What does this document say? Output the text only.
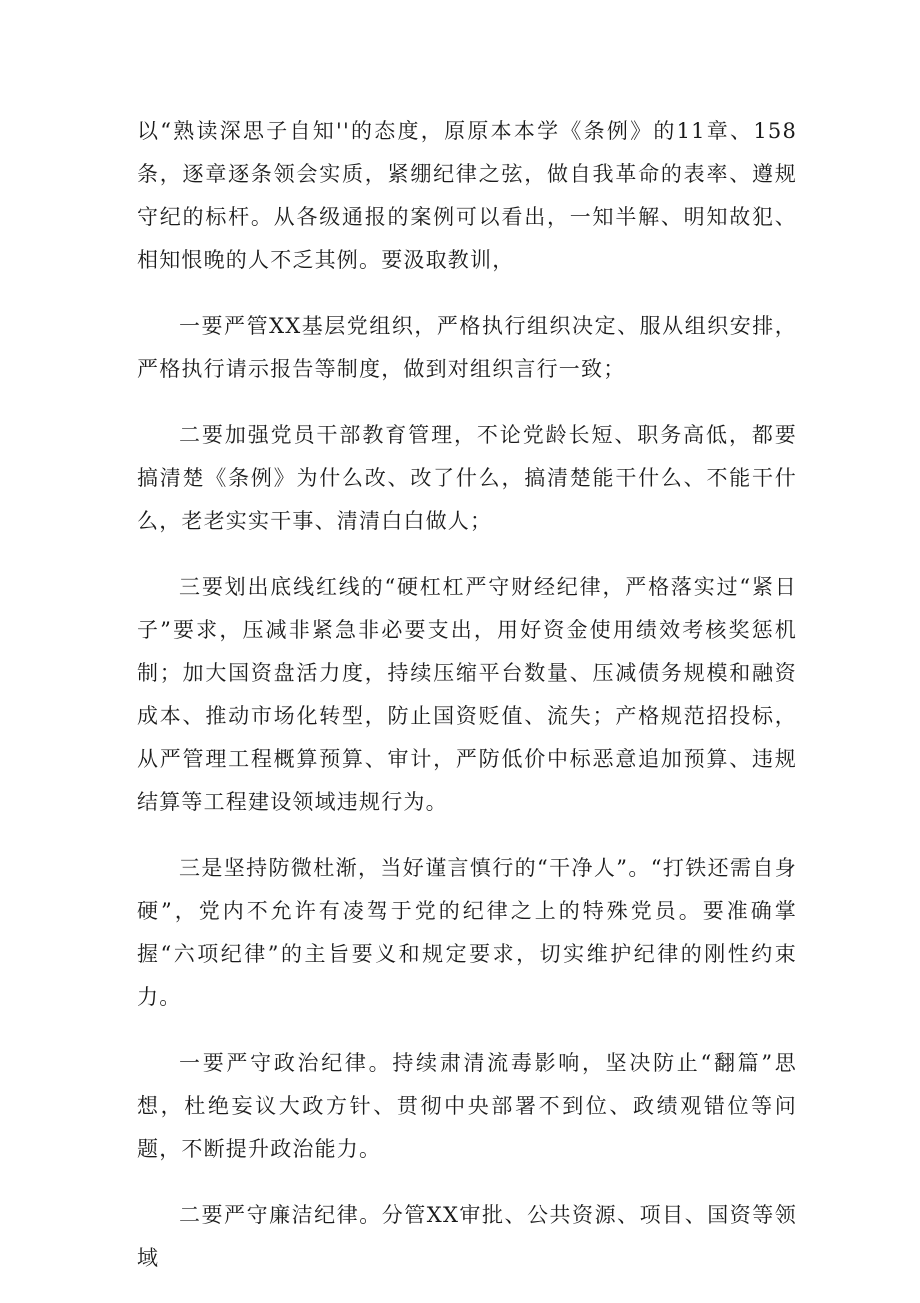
以“熟读深思子自知''的态度，原原本本学《条例》的11章、158条，逐章逐条领会实质，紧绷纪律之弦，做自我革命的表率、遵规守纪的标杆。从各级通报的案例可以看出，一知半解、明知故犯、相知恨晚的人不乏其例。要汲取教训，

一要严管XX基层党组织，严格执行组织决定、服从组织安排，严格执行请示报告等制度，做到对组织言行一致；

二要加强党员干部教育管理，不论党龄长短、职务高低，都要搞清楚《条例》为什么改、改了什么，搞清楚能干什么、不能干什么，老老实实干事、清清白白做人；

三要划出底线红线的“硬杠杠严守财经纪律，严格落实过“紧日子”要求，压减非紧急非必要支出，用好资金使用绩效考核奖惩机制；加大国资盘活力度，持续压缩平台数量、压减债务规模和融资成本、推动市场化转型，防止国资贬值、流失；产格规范招投标，从严管理工程概算预算、审计，严防低价中标恶意追加预算、违规结算等工程建设领域违规行为。

三是坚持防微杜渐，当好谨言慎行的“干净人”。“打铁还需自身硬”，党内不允许有凌驾于党的纪律之上的特殊党员。要准确掌握“六项纪律”的主旨要义和规定要求，切实维护纪律的刚性约束力。

一要严守政治纪律。持续肃清流毒影响，坚决防止“翻篇”思想，杜绝妄议大政方针、贯彻中央部署不到位、政绩观错位等问题，不断提升政治能力。

二要严守廉洁纪律。分管XX审批、公共资源、项目、国资等领域
